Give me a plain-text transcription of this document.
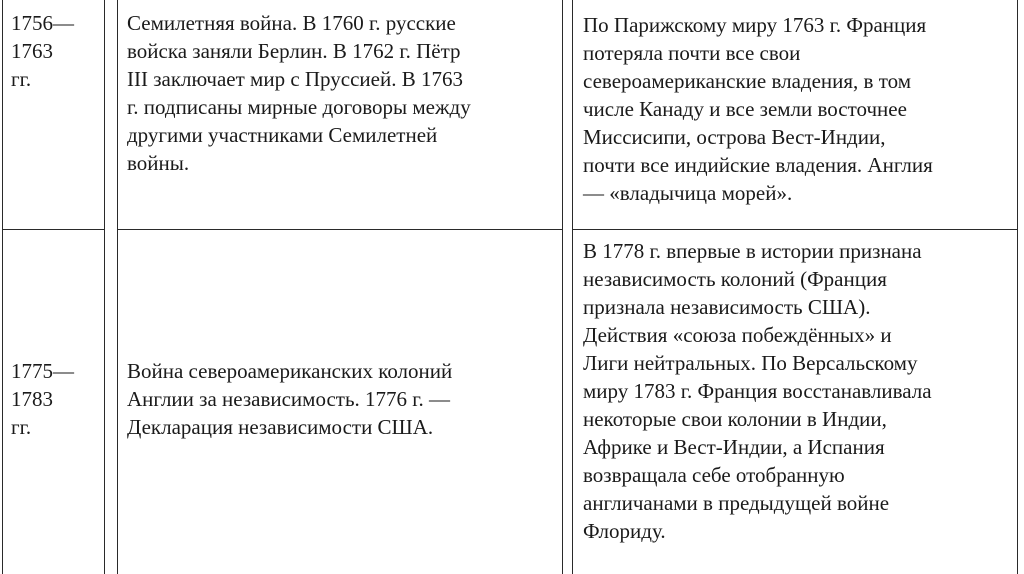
1756—
1763
гг.
Семилетняя война. В 1760 г. русские
войска заняли Берлин. В 1762 г. Пётр
III заключает мир с Пруссией. В 1763
г. подписаны мирные договоры между
другими участниками Семилетней
войны.
По Парижскому миру 1763 г. Франция
потеряла почти все свои
североамериканские владения, в том
числе Канаду и все земли восточнее
Миссисипи, острова Вест-Индии,
почти все индийские владения. Англия
— «владычица морей».
1775—
1783
гг.
Война североамериканских колоний
Англии за независимость. 1776 г. —
Декларация независимости США.
В 1778 г. впервые в истории признана
независимость колоний (Франция
признала независимость США).
Действия «союза побеждённых» и
Лиги нейтральных. По Версальскому
миру 1783 г. Франция восстанавливала
некоторые свои колонии в Индии,
Африке и Вест-Индии, а Испания
возвращала себе отобранную
англичанами в предыдущей войне
Флориду.
